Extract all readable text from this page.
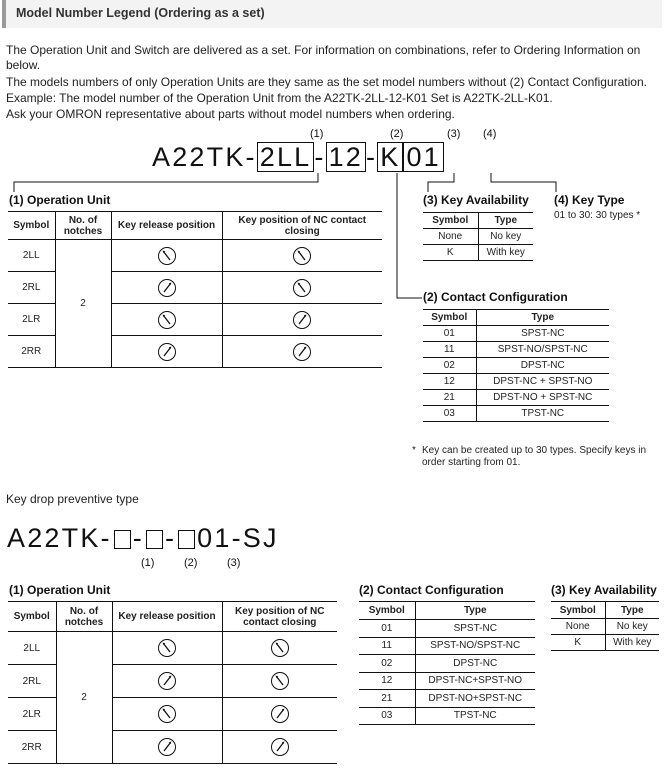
Model Number Legend (Ordering as a set)
The Operation Unit and Switch are delivered as a set. For information on combinations, refer to Ordering Information on
below.
The models numbers of only Operation Units are they same as the set model numbers without (2) Contact Configuration.
Example: The model number of the Operation Unit from the A22TK-2LL-12-K01 Set is A22TK-2LL-K01.
Ask your OMRON representative about parts without model numbers when ordering.
(1)	(2)	(3) (4)
A22TK- 2LL - 12 - K 01
(1) Operation Unit
Symbol	No. of notches	Key release position	Key position of NC contact closing
2LL	2		
2RL		
2LR		
2RR		
(3) Key Availability
Symbol	Type
None	No key
K	With key
(4) Key Type
01 to 30: 30 types *
(2) Contact Configuration
Symbol	Type
01	SPST-NC
11	SPST-NO/SPST-NC
02	DPST-NC
12	DPST-NC + SPST-NO
21	DPST-NO + SPST-NC
03	TPST-NC
* Key can be created up to 30 types. Specify keys in
order starting from 01.
Key drop preventive type
A22TK- - - 01-SJ
(1)	(2)	(3)
(1) Operation Unit
Symbol	No. of notches	Key release position	Key position of NC contact closing
2LL	2		
2RL		
2LR		
2RR		
(2) Contact Configuration
Symbol	Type
01	SPST-NC
11	SPST-NO/SPST-NC
02	DPST-NC
12	DPST-NC+SPST-NO
21	DPST-NO+SPST-NC
03	TPST-NC
(3) Key Availability
Symbol	Type
None	No key
K	With key
